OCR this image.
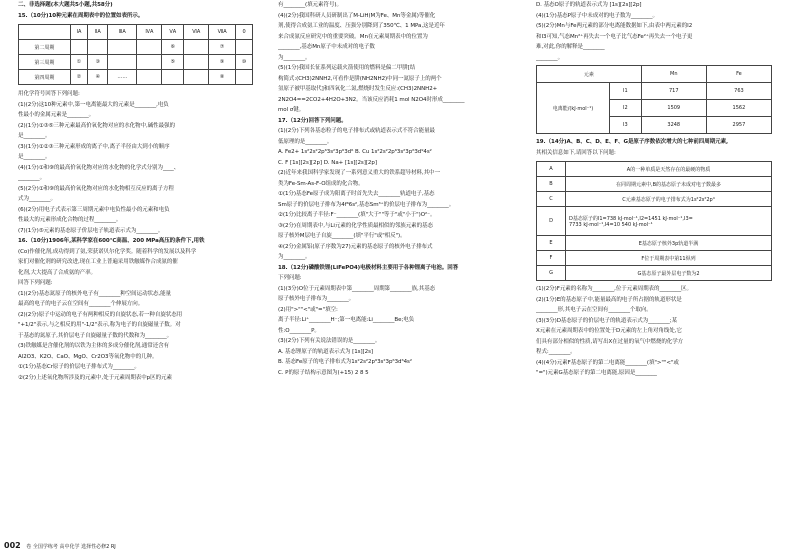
二、非选择题(本大题共5小题,共58分)
15.（10分)10种元素在周期表中的位置如表所示。
	ⅠA	ⅡA	ⅢA	ⅣA	ⅤA	ⅥA	ⅦA	0
第二周期					⑥		⑦	
第三周期	①	③			⑤		⑨	⑩
第四周期	②	④	……				⑧	
用化学符号回答下列问题:
(1)(2分)这10种元素中,第一电离能最大的元素是________,电负
性最小的金属元素是________。
(2)(1分)①③⑤三种元素最高价氧化物对应的水化物中,碱性最强的
是________。
(3)(1分)①②③三种元素形成的离子中,离子半径由大到小的顺序
是________。
(4)(1分)①和⑨的最高价氧化物对应的水化物的化学式分别为____、
________。
(5)(2分)①和⑨的最高价氧化物对应的水化物相互反应的离子方程
式为________。
(6)(2分)用电子式表示第三周期元素中电负性最小的元素和电负
性最大的元素形成化合物的过程________。
(7)(1分)⑤元素的基态原子价层电子轨道表示式为________。
16.（10分)1906年,某科学家在600℃高温、200 MPa高压的条件下,用铁
(Co)作催化剂,成功得到了氨,荣获诺贝尔化学奖。随着科学的发展以及科学
家们对催化剂的研究改进,现在工业上普遍采用铁触媒作合成氨的催
化剂,大大提高了合成氨的产率。
回答下列问题:
(1)(2分)基态氮原子的核外电子有________种空间运动状态,能量
最高的电子的电子云在空间有________个伸展方向。
(2)(2分)原子中运动的电子有两种相反的自旋状态,若一种自旋状态用
"+1/2"表示,与之相反的用"-1/2"表示,称为电子的自旋磁量子数。对
于基态的氮原子,其价层电子自旋磁量子数的代数和为________。
(3)铁触媒是含催化剂的以铁为主体的多成分催化剂,通常还含有
Al2O3、K2O、CaO、MgO、Cr2O3等氧化物中的几种。
①(1分)基态Cr原子的价层电子排布式为________。
②(2分)上述氧化物所涉及的元素中,处于元素周期表中p区的元素
有________(填元素符号)。
(4)(2分)我国科研人员研制出了M-LiH(M为Fe、Mn等金属)等催化
剂,使得合成氨工业的温度、压强分别降到了350℃、1 MPa,这是近年
来合成氨反应研究中的重要突破。Mn在元素周期表中的位置为
________,基态Mn原子中未成对的电子数
为________。
(5)(1分)我国长征系列运载火箭使用的燃料是偏二甲肼[结
构简式:(CH3)2NNH2,可看作是肼(NH2NH2)中同一氮原子上的两个
氢原子被甲基取代]和四氧化二氮,燃烧时发生反应:(CH3)2NNH2+
2N2O4==2CO2+4H2O+3N2。当该反应消耗1 mol N2O4时形成________
mol σ键。
17.（12分)回答下列问题。
(1)(2分)下列各基态粒子的电子排布式或轨道表示式不符合能量最
低原理的是________。
A. Fe2+ 1s²2s²2p⁶3s²3p⁶3d⁶ B. Cu 1s²2s²2p⁶3s²3p⁶3d⁹4s²
C. F [1s][2s][2p] D. Na+ [1s][2s][2p]
(2)近年来我国科学家发现了一系列意义重大的铁系超导材料,其中一
类为Fe-Sm-As-F-O组成的化合物。
①(1分)基态Fe原子成为阳离子时首先失去________轨道电子,基态
Sm原子的价层电子排布为4f⁶6s²,基态Sm³⁺的价层电子排布为________。
②(1分)比较离子半径:F⁻________(填"大于""等于"或"小于")O²⁻。
③(2分)在周期表中,与Li元素的化学性质最相似的邻族元素的基态
原子核外M层电子自旋________(填"平行"或"相反")。
④(2分)金属铝(原子序数为27)元素的基态原子的核外电子排布式
为________。
18.（12分)磷酸铁锂(LiFePO4)电极材料主要用于各种锂离子电池。回答
下列问题:
(1)(3分)O位于元素周期表中第________周期第________族,其基态
原子核外电子排布为________。
(2)用">""<"或"="填空:
离子半径:Li⁺________H⁻;第一电离能:Li________Be;电负
性:O________P。
(3)(2分)下列有关说法错误的是________。
A. 基态锂原子的轨道表示式为 [1s][2s]
B. 基态Fe原子的电子排布式为1s²2s²2p⁶3s²3p⁶3d⁶4s²
C. P的原子结构示意图为(+15) 2 8 5
D. 基态O原子的轨道表示式为 [1s][2s][2p]
(4)(1分)基态P原子中未成对的电子数为________。
(5)(2分)Mn与Fe两元素的部分电离能数据如下,由表中两元素的I2
和I3可知,气态Mn²⁺再失去一个电子比气态Fe²⁺再失去一个电子更
难,对此,你的解释是________
________。
元素		Mn	Fe
电离能/(kJ·mol⁻¹)	I1	717	763
	I2	1509	1562
	I3	3248	2957
19.（14分)A、B、C、D、E、F、G是原子序数依次增大的七种前四周期元素,
其相关信息如下,请回答以下问题:
A	A的一种单质是天然存在的最硬的物质
B	在同周期元素中,B的基态原子未成对电子数最多
C	C元素基态原子的电子排布式为1s²2s²2p⁴
D	D基态原子的I1=738 kJ·mol⁻¹,I2=1451 kJ·mol⁻¹,I3=
7733 kJ·mol⁻¹,I4=10 540 kJ·mol⁻¹

E	E基态原子核外3p轨道半满
F	F位于周期表中第11纵列
G	G基态原子最外层电子数为2
(1)(2分)F元素的名称为________,位于元素周期表的________区。
(2)(1分)E的基态原子中,能量最高的电子所占据的轨道形状是
________形,其电子云在空间有________个取向。
(3)(3分)D基态原子的价层电子的轨道表示式为________;某
X元素在元素周期表中的位置处于D元素的左上角对角线处,它
们具有部分相似的性质,请写出X在过量的氧气中燃烧的化学方
程式:________。
(4)(4分)元素F基态原子的第二电离能________(填">""<"或
"=")元素G基态原子的第二电离能,原因是________
002 卷 全国学练考 高中化学 选择性必修2 RJ
